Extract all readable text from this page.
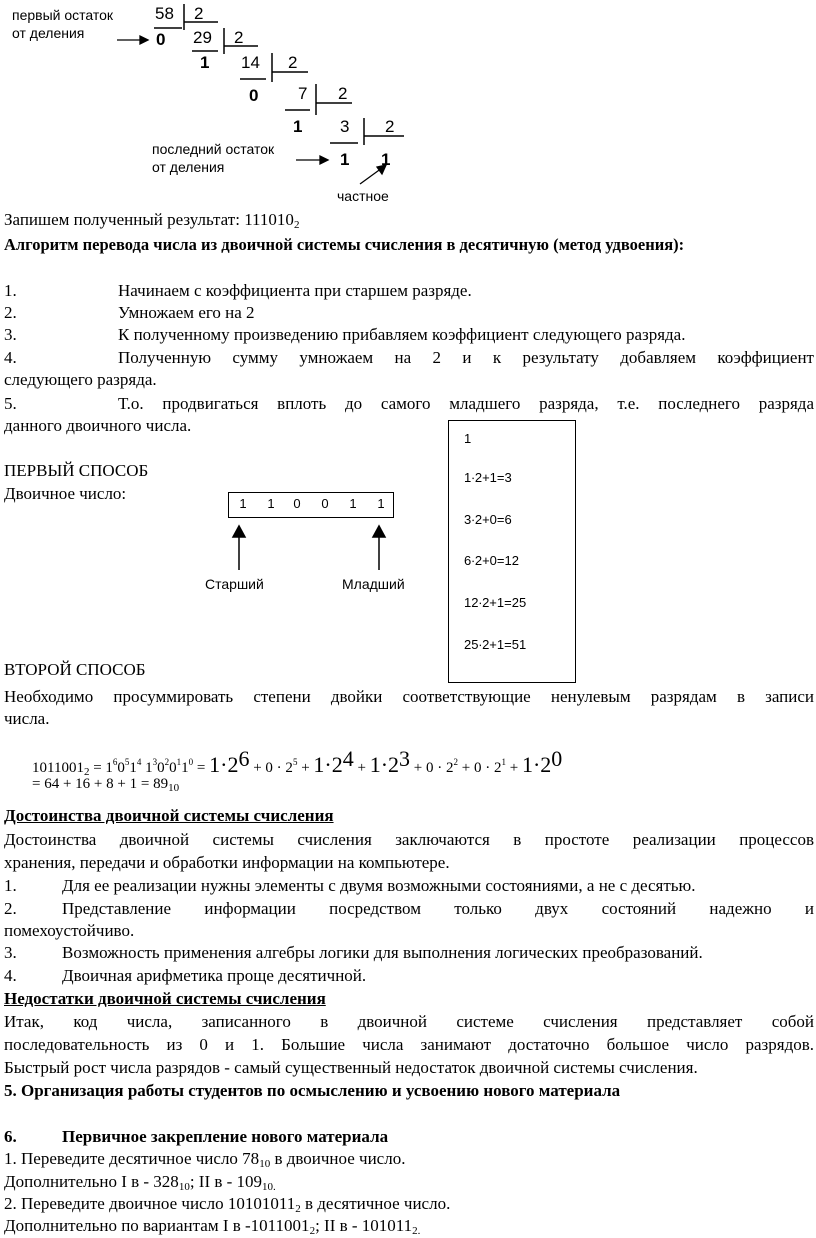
первый остаток
от деления
последний остаток
от деления
частное
58 2
0 29 2
1 14 2
0 7 2
1 3 2
1 1
Запишем полученный результат: $111010_2$
Алгоритм перевода числа из двоичной системы счисления в десятичную (метод удвоения):
1.	Начинаем с коэффициента при старшем разряде.
2.	Умножаем его на 2
3.	К полученному произведению прибавляем коэффициент следующего разряда.
4.	Полученную сумму умножаем на 2 и к результату добавляем коэффициент
следующего разряда.
5.	Т.о. продвигаться вплоть до самого младшего разряда, т.е. последнего разряда
данного двоичного числа.
ПЕРВЫЙ СПОСОБ
Двоичное число:
1	1	0	0	1	1
Старший	Младший
1
1∙2+1=3
3∙2+0=6
6∙2+0=12
12∙2+1=25
25∙2+1=51
ВТОРОЙ СПОСОБ
Необходимо просуммировать степени двойки соответствующие ненулевым разрядам в записи
числа.
$1011001_2 = 1^60^51^4$ $1^30^20^11^0 = 1\cdot 26 + 0 \cdot 2^5 + 1\cdot 24 + 1\cdot 23 + 0 \cdot 2^2 + 0 \cdot 2^1 + 1\cdot 20$
= $64 + 16 + 8 + 1 = 89_{10}$
Достоинства двоичной системы счисления
Достоинства двоичной системы счисления заключаются в простоте реализации процессов
хранения, передачи и обработки информации на компьютере.
1.	Для ее реализации нужны элементы с двумя возможными состояниями, а не с десятью.
2.	Представление информации посредством только двух состояний надежно и
помехоустойчиво.
3.	Возможность применения алгебры логики для выполнения логических преобразований.
4.	Двоичная арифметика проще десятичной.
Недостатки двоичной системы счисления
Итак, код числа, записанного в двоичной системе счисления представляет собой
последовательность из 0 и 1. Большие числа занимают достаточно большое число разрядов.
Быстрый рост числа разрядов - самый существенный недостаток двоичной системы счисления.
5. Организация работы студентов по осмыслению и усвоению нового материала
6.	Первичное закрепление нового материала
1. Переведите десятичное число $78_{10}$ в двоичное число.
Дополнительно I в - $328_{10}$; II в - $109_{10.}$
2. Переведите двоичное число $10101011_2$ в десятичное число.
Дополнительно по вариантам I в $-1011001_2$; II в - $101011_{2.}$
